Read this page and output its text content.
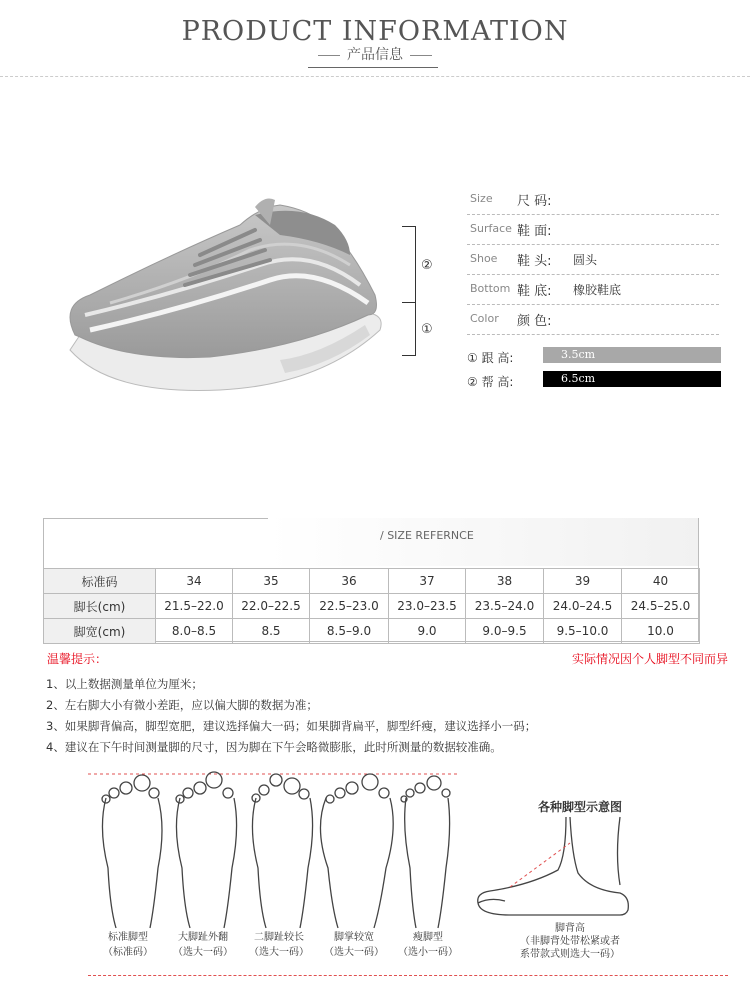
PRODUCT INFORMATION
产品信息
②
①
Size 尺 码:
Surface 鞋 面:
Shoe 鞋 头: 圆头
Bottom 鞋 底: 橡胶鞋底
Color 颜 色:
① 跟 高:	3.5cm
② 帮 高:	6.5cm
/ SIZE REFERNCE
标准码	34	35	36	37	38	39	40
脚长(cm)	21.5–22.0	22.0–22.5	22.5–23.0	23.0–23.5	23.5–24.0	24.0–24.5	24.5–25.0
脚宽(cm)	8.0–8.5	8.5	8.5–9.0	9.0	9.0–9.5	9.5–10.0	10.0
温馨提示：	实际情况因个人脚型不同而异
1、以上数据测量单位为厘米；
2、左右脚大小有微小差距，应以偏大脚的数据为准；
3、如果脚背偏高，脚型宽肥，建议选择偏大一码；如果脚背扁平，脚型纤瘦，建议选择小一码；
4、建议在下午时间测量脚的尺寸，因为脚在下午会略微膨胀，此时所测量的数据较准确。
标准脚型
（标准码）
大脚趾外翻
（选大一码）
二脚趾较长
（选大一码）
脚掌较宽
（选大一码）
瘦脚型
（选小一码）
各种脚型示意图
脚背高
（非脚背处带松紧或者
系带款式则选大一码）
